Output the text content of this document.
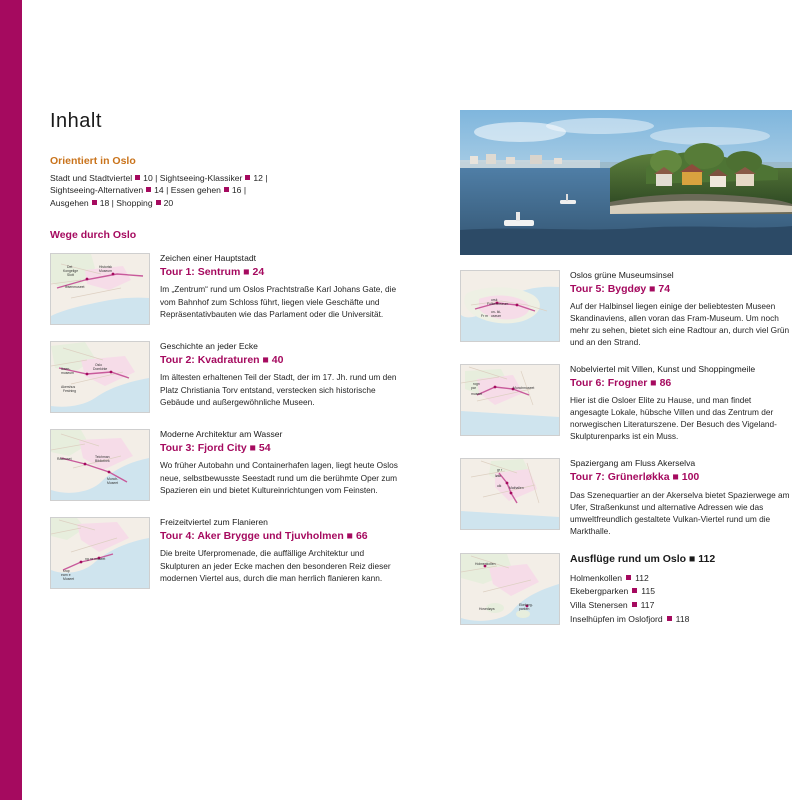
Inhalt
Orientiert in Oslo
Stadt und Stadtviertel 10 | Sightseeing-Klassiker 12 |
Sightseeing-Alternativen 14 | Essen gehen 16 |
Ausgehen 18 | Shopping 20
Wege durch Oslo
Det
Kongelige
Slott
Historisk
Museum
Ibsenmuseet
Zeichen einer Hauptstadt
Tour 1: Sentrum ■ 24
Im „Zentrum“ rund um Oslos Prachtstraße Karl Johans Gate, die vom Bahnhof zum Schloss führt, liegen viele Geschäfte und Repräsentativbauten wie das Parlament oder die Universität.
Ibsen-
museum
Oslo
Domkirke
Akershus
Festning
Geschichte an jeder Ecke
Tour 2: Kvadraturen ■ 40
Im ältesten erhaltenen Teil der Stadt, der im 17. Jh. rund um den Platz Christiania Torv entstand, verstecken sich historische Gebäude und außergewöhnliche Museen.
Rådhuset	Teichman
Bibliothek
Munch-
Museet
Moderne Architektur am Wasser
Tour 3: Fjord City ■ 54
Wo früher Autobahn und Containerhafen lagen, liegt heute Oslos neue, selbstbewusste Seestadt rund um die berühmte Oper zum Spazieren ein und bietet Kultureinrichtungen vom Feinsten.
ng ns museet
srup
earn e
Museet
Freizeitviertel zum Flanieren
Tour 4: Aker Brygge und Tjuvholmen ■ 66
Die breite Uferpromenade, die auffällige Architektur und Skulpturen an jeder Ecke machen den besonderen Reiz dieser modernen Viertel aus, durch die man herrlich flanieren kann.
orsk
Folkemuseum
on- iki-
useum
Fr m
Oslos grüne Museumsinsel
Tour 5: Bygdøy ■ 74
Auf der Halbinsel liegen einige der beliebtesten Museen Skandinaviens, allen voran das Fram-Museum. Um noch mehr zu sehen, bietet sich eine Radtour an, durch viel Grün und an den Strand.
rogn
par
museet
Munchmuseet
Nobelviertel mit Villen, Kunst und Shoppingmeile
Tour 6: Frogner ■ 86
Hier ist die Osloer Elite zu Hause, und man findet angesagte Lokale, hübsche Villen und das Zentrum der norwegischen Literaturszene. Der Besuch des Vigeland-Skulpturenparks ist ein Muss.
gr r
løkk
ulk Mathallen
Spaziergang am Fluss Akerselva
Tour 7: Grünerløkka ■ 100
Das Szenequartier an der Akerselva bietet Spazierwege am Ufer, Straßenkunst und alternative Adressen wie das umweltfreundlich gestaltete Vulkan-Viertel rund um die Markthalle.
Holmenkollen
Hovedøya
Ekeberg-
parken
Ausflüge rund um Oslo ■ 112
Holmenkollen 112
Ekebergparken 115
Villa Stenersen 117
Inselhüpfen im Oslofjord 118
